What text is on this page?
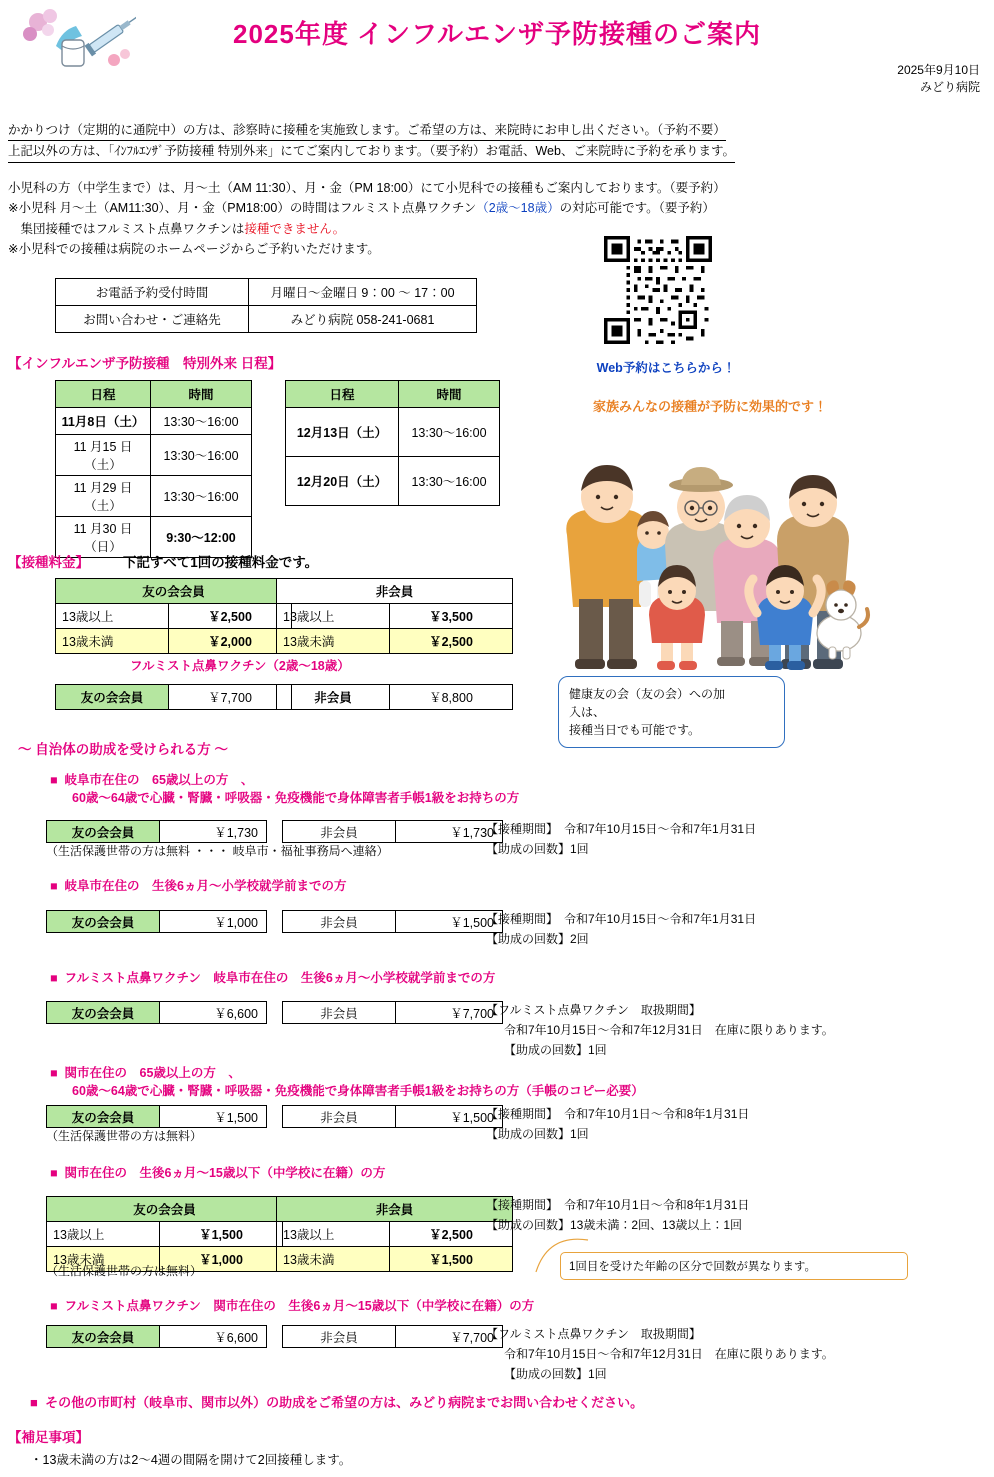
2025年度 インフルエンザ予防接種のご案内
2025年9月10日
みどり病院
かかりつけ（定期的に通院中）の方は、診察時に接種を実施致します。ご希望の方は、来院時にお申し出ください。（予約不要）
上記以外の方は、「ｲﾝﾌﾙｴﾝｻﾞ予防接種 特別外来」にてご案内しております。（要予約）お電話、Web、ご来院時に予約を承ります。
小児科の方（中学生まで）は、月～土（AM 11:30）、月・金（PM 18:00）にて小児科での接種もご案内しております。（要予約）
※小児科 月～土（AM11:30）、月・金（PM18:00）の時間はフルミスト点鼻ワクチン（2歳～18歳）の対応可能です。（要予約）
　集団接種ではフルミスト点鼻ワクチンは接種できません。
※小児科での接種は病院のホームページからご予約いただけます。
お電話予約受付時間	月曜日～金曜日 9：00 ～ 17：00
お問い合わせ・ご連絡先	みどり病院 058-241-0681
Web予約はこちらから！
家族みんなの接種が予防に効果的です！
健康友の会（友の会）への加
入は、
接種当日でも可能です。
【インフルエンザ予防接種　特別外来 日程】
日程	時間
11月8日（土）	13:30～16:00
11 月15 日（土）	13:30～16:00
11 月29 日（土）	13:30～16:00
11 月30 日（日）	9:30～12:00
日程	時間
12月13日（土）	13:30～16:00
12月20日（土）	13:30～16:00
【接種料金】	下記すべて1回の接種料金です。
友の会会員	
13歳以上	￥2,500
13歳未満	￥2,000
非会員	
13歳以上	￥3,500
13歳未満	￥2,500
フルミスト点鼻ワクチン（2歳～18歳）
友の会会員	￥7,700	非会員	￥8,800
～ 自治体の助成を受けられる方 ～
■ 岐阜市在住の　65歳以上の方　、
60歳～64歳で心臓・腎臓・呼吸器・免疫機能で身体障害者手帳1級をお持ちの方
友の会会員	￥1,730	非会員	￥1,730
（生活保護世帯の方は無料 ・・・ 岐阜市・福祉事務局へ連絡）
【接種期間】　令和7年10月15日～令和7年1月31日
【助成の回数】1回
■ 岐阜市在住の　生後6ヵ月～小学校就学前までの方
友の会会員	￥1,000	非会員	￥1,500
【接種期間】　令和7年10月15日～令和7年1月31日
【助成の回数】2回
■ フルミスト点鼻ワクチン　岐阜市在住の　生後6ヵ月～小学校就学前までの方
友の会会員	￥6,600	非会員	￥7,700
【フルミスト点鼻ワクチン　取扱期間】
令和7年10月15日～令和7年12月31日　在庫に限りあります。
【助成の回数】1回
■ 関市在住の　65歳以上の方　、
60歳～64歳で心臓・腎臓・呼吸器・免疫機能で身体障害者手帳1級をお持ちの方（手帳のコピー必要）
友の会会員	￥1,500	非会員	￥1,500
（生活保護世帯の方は無料）
【接種期間】　令和7年10月1日～令和8年1月31日
【助成の回数】1回
■ 関市在住の　生後6ヵ月～15歳以下（中学校に在籍）の方
友の会会員	
13歳以上	￥1,500
13歳未満	￥1,000
非会員	
13歳以上	￥2,500
13歳未満	￥1,500
（生活保護世帯の方は無料）
【接種期間】　令和7年10月1日～令和8年1月31日
【助成の回数】13歳未満：2回、13歳以上：1回
1回目を受けた年齢の区分で回数が異なります。
■ フルミスト点鼻ワクチン　関市在住の　生後6ヵ月～15歳以下（中学校に在籍）の方
友の会会員	￥6,600	非会員	￥7,700
【フルミスト点鼻ワクチン　取扱期間】
令和7年10月15日～令和7年12月31日　在庫に限りあります。
【助成の回数】1回
■ その他の市町村（岐阜市、関市以外）の助成をご希望の方は、みどり病院までお問い合わせください。
【補足事項】
・13歳未満の方は2～4週の間隔を開けて2回接種します。
